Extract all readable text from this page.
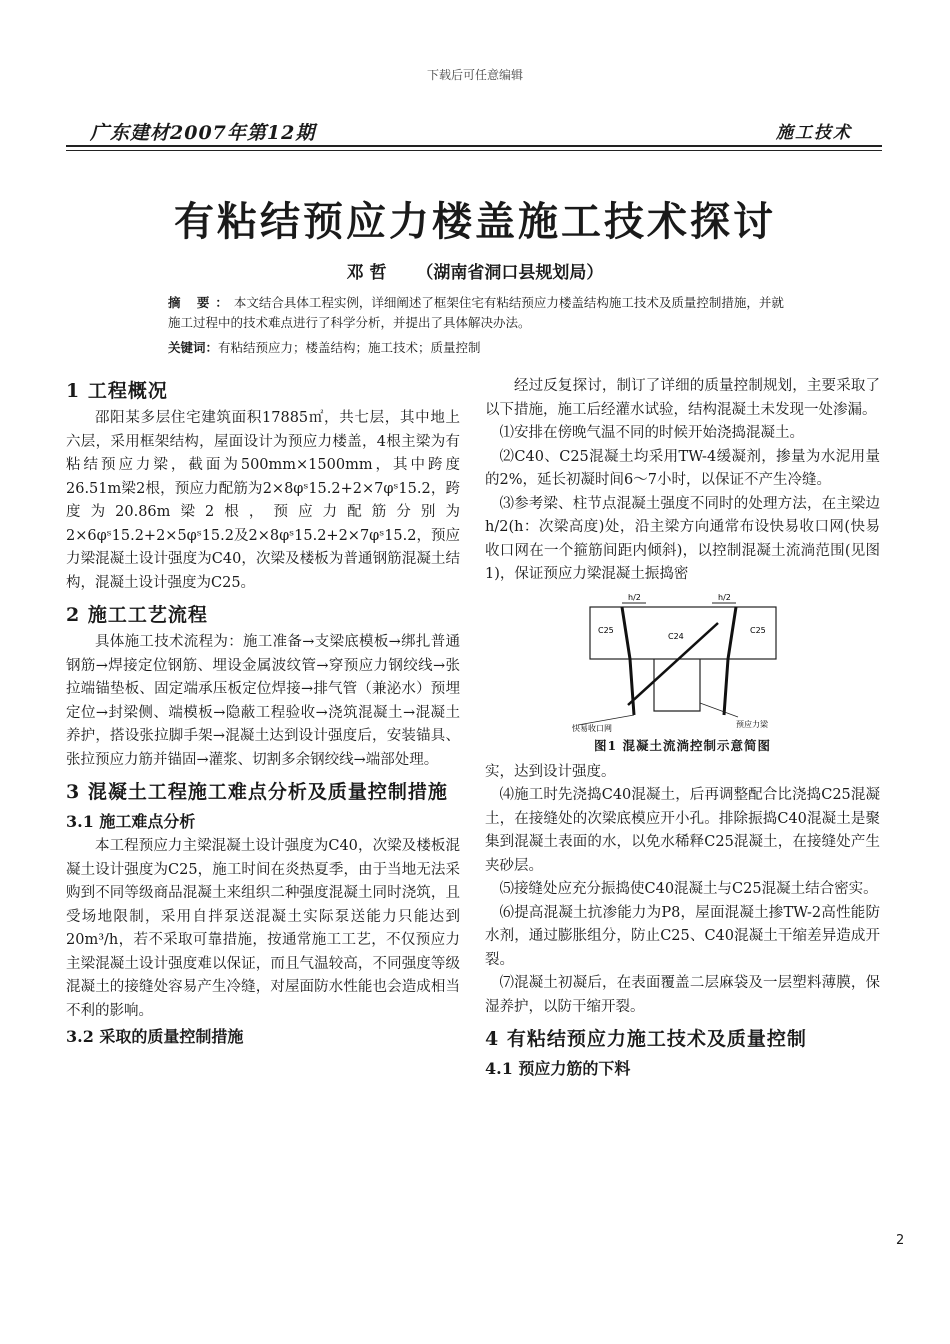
下载后可任意编辑
广东建材2007年第12期	施工技术
有粘结预应力楼盖施工技术探讨
邓 哲 （湖南省洞口县规划局）
摘 要：本文结合具体工程实例，详细阐述了框架住宅有粘结预应力楼盖结构施工技术及质量控制措施，并就施工过程中的技术难点进行了科学分析，并提出了具体解决办法。
关键词：有粘结预应力；楼盖结构；施工技术；质量控制
1 工程概况

邵阳某多层住宅建筑面积17885㎡，共七层，其中地上六层，采用框架结构，屋面设计为预应力楼盖，4根主梁为有粘结预应力梁，截面为500mm×1500mm，其中跨度26.51m梁2根，预应力配筋为2×8φˢ15.2+2×7φˢ15.2，跨度为20.86m梁2根，预应力配筋分别为2×6φˢ15.2+2×5φˢ15.2及2×8φˢ15.2+2×7φˢ15.2，预应力梁混凝土设计强度为C40，次梁及楼板为普通钢筋混凝土结构，混凝土设计强度为C25。

2 施工工艺流程

具体施工技术流程为：施工准备→支梁底模板→绑扎普通钢筋→焊接定位钢筋、埋设金属波纹管→穿预应力钢绞线→张拉端锚垫板、固定端承压板定位焊接→排气管（兼泌水）预埋定位→封梁侧、端模板→隐蔽工程验收→浇筑混凝土→混凝土养护，搭设张拉脚手架→混凝土达到设计强度后，安装锚具、张拉预应力筋并锚固→灌浆、切割多余钢绞线→端部处理。

3 混凝土工程施工难点分析及质量控制措施
3.1 施工难点分析

本工程预应力主梁混凝土设计强度为C40，次梁及楼板混凝土设计强度为C25，施工时间在炎热夏季，由于当地无法采购到不同等级商品混凝土来组织二种强度混凝土同时浇筑，且受场地限制，采用自拌泵送混凝土实际泵送能力只能达到20m³/h，若不采取可靠措施，按通常施工工艺，不仅预应力主梁混凝土设计强度难以保证，而且气温较高，不同强度等级混凝土的接缝处容易产生冷缝，对屋面防水性能也会造成相当不利的影响。

3.2 采取的质量控制措施

经过反复探讨，制订了详细的质量控制规划，主要采取了以下措施，施工后经灌水试验，结构混凝土未发现一处渗漏。

⑴安排在傍晚气温不同的时候开始浇捣混凝土。

⑵C40、C25混凝土均采用TW-4缓凝剂，掺量为水泥用量的2%，延长初凝时间6～7小时，以保证不产生冷缝。

⑶参考梁、柱节点混凝土强度不同时的处理方法，在主梁边h/2(h：次梁高度)处，沿主梁方向通常布设快易收口网(快易收口网在一个箍筋间距内倾斜)，以控制混凝土流淌范围(见图1)，保证预应力梁混凝土振捣密

h/2	h/2
C25
C24
C25
快易收口网	预应力梁
图1 混凝土流淌控制示意简图

实，达到设计强度。

⑷施工时先浇捣C40混凝土，后再调整配合比浇捣C25混凝土，在接缝处的次梁底模应开小孔。排除振捣C40混凝土是聚集到混凝土表面的水，以免水稀释C25混凝土，在接缝处产生夹砂层。

⑸接缝处应充分振捣使C40混凝土与C25混凝土结合密实。

⑹提高混凝土抗渗能力为P8，屋面混凝土掺TW-2高性能防水剂，通过膨胀组分，防止C25、C40混凝土干缩差异造成开裂。

⑺混凝土初凝后，在表面覆盖二层麻袋及一层塑料薄膜，保湿养护，以防干缩开裂。

4 有粘结预应力施工技术及质量控制
4.1 预应力筋的下料
2
